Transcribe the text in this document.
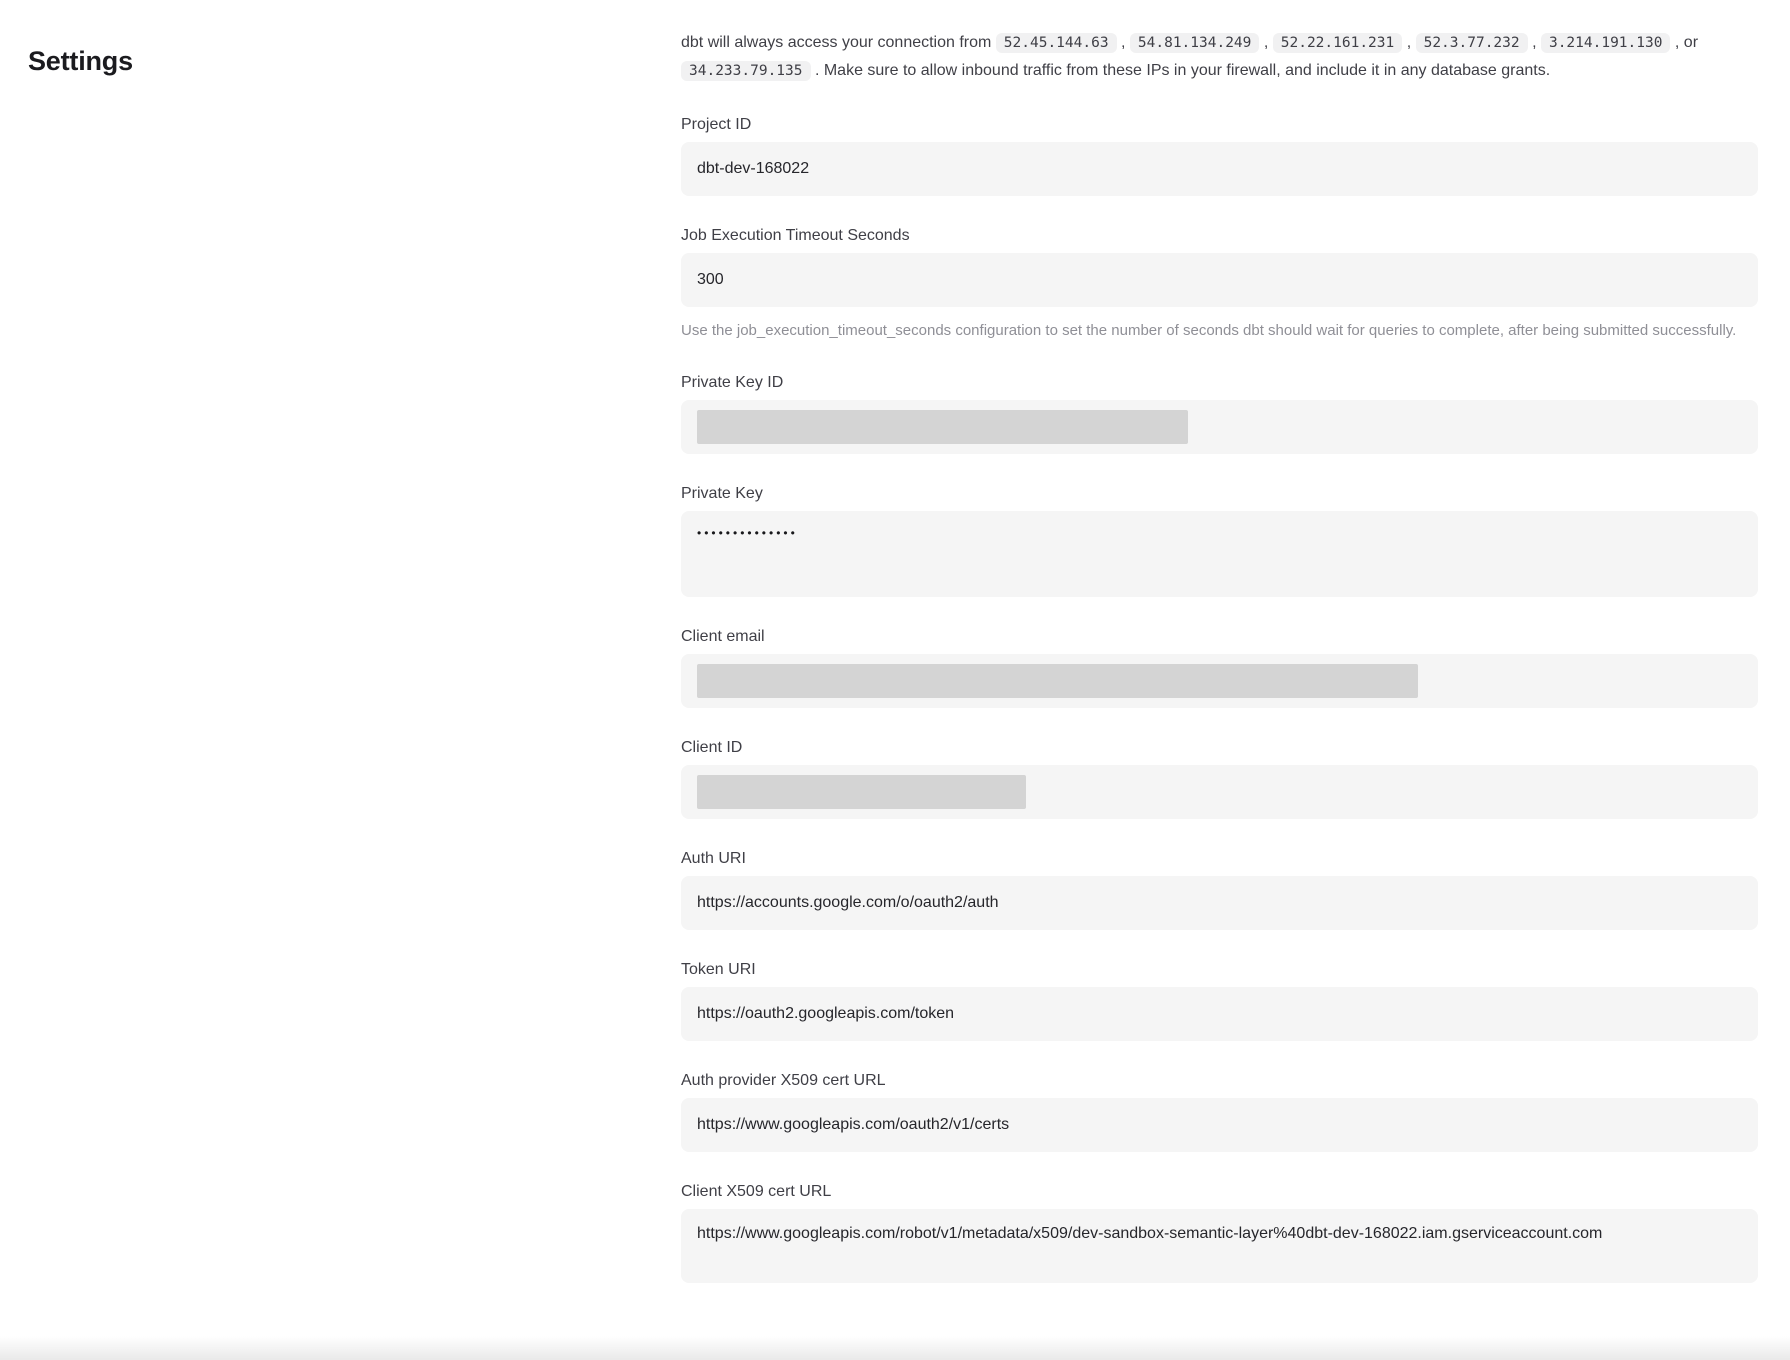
Settings

dbt will always access your connection from 52.45.144.63 , 54.81.134.249 , 52.22.161.231 , 52.3.77.232 , 3.214.191.130 , or 34.233.79.135 . Make sure to allow inbound traffic from these IPs in your firewall, and include it in any database grants.

Project ID
dbt-dev-168022
Job Execution Timeout Seconds
300
Use the job_execution_timeout_seconds configuration to set the number of seconds dbt should wait for queries to complete, after being submitted successfully.
Private Key ID
Private Key
••••••••••••••
Client email
Client ID
Auth URI
https://accounts.google.com/o/oauth2/auth
Token URI
https://oauth2.googleapis.com/token
Auth provider X509 cert URL
https://www.googleapis.com/oauth2/v1/certs
Client X509 cert URL
https://www.googleapis.com/robot/v1/metadata/x509/dev-sandbox-semantic-layer%40dbt-dev-168022.iam.gserviceaccount.com
